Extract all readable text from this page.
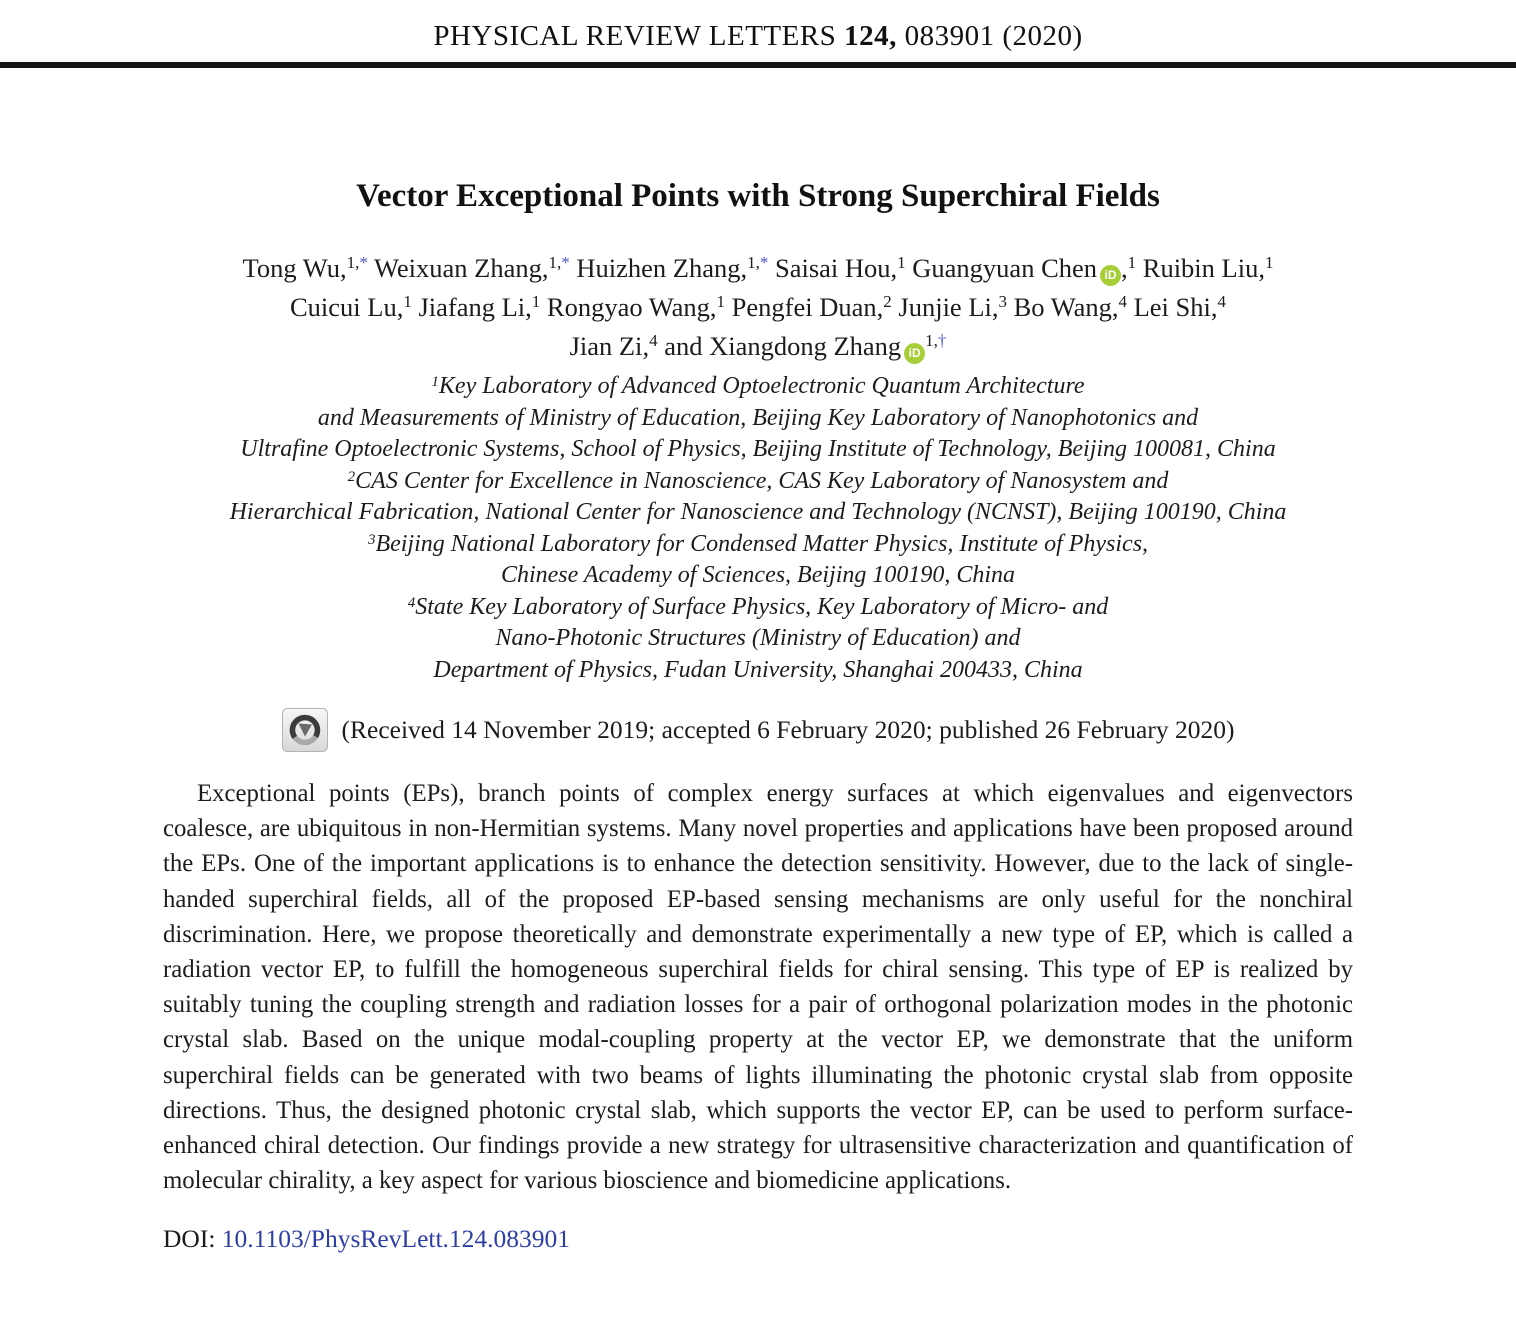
PHYSICAL REVIEW LETTERS 124, 083901 (2020)
Vector Exceptional Points with Strong Superchiral Fields
Tong Wu,$^{1,*}$ Weixuan Zhang,$^{1,*}$ Huizhen Zhang,$^{1,*}$ Saisai Hou,$^1$ Guangyuan Chen iD ,$^1$ Ruibin Liu,$^1$
Cuicui Lu,$^1$ Jiafang Li,$^1$ Rongyao Wang,$^1$ Pengfei Duan,$^2$ Junjie Li,$^3$ Bo Wang,$^4$ Lei Shi,$^4$
Jian Zi,$^4$ and Xiangdong Zhang iD$^{1,\dagger}$
$^1$Key Laboratory of Advanced Optoelectronic Quantum Architecture
and Measurements of Ministry of Education, Beijing Key Laboratory of Nanophotonics and
Ultrafine Optoelectronic Systems, School of Physics, Beijing Institute of Technology, Beijing 100081, China
$^2$CAS Center for Excellence in Nanoscience, CAS Key Laboratory of Nanosystem and
Hierarchical Fabrication, National Center for Nanoscience and Technology (NCNST), Beijing 100190, China
$^3$Beijing National Laboratory for Condensed Matter Physics, Institute of Physics,
Chinese Academy of Sciences, Beijing 100190, China
$^4$State Key Laboratory of Surface Physics, Key Laboratory of Micro- and
Nano-Photonic Structures (Ministry of Education) and
Department of Physics, Fudan University, Shanghai 200433, China
(Received 14 November 2019; accepted 6 February 2020; published 26 February 2020)

Exceptional points (EPs), branch points of complex energy surfaces at which eigenvalues and eigenvectors coalesce, are ubiquitous in non-Hermitian systems. Many novel properties and applications have been proposed around the EPs. One of the important applications is to enhance the detection sensitivity. However, due to the lack of single-handed superchiral fields, all of the proposed EP-based sensing mechanisms are only useful for the nonchiral discrimination. Here, we propose theoretically and demonstrate experimentally a new type of EP, which is called a radiation vector EP, to fulfill the homogeneous superchiral fields for chiral sensing. This type of EP is realized by suitably tuning the coupling strength and radiation losses for a pair of orthogonal polarization modes in the photonic crystal slab. Based on the unique modal-coupling property at the vector EP, we demonstrate that the uniform superchiral fields can be generated with two beams of lights illuminating the photonic crystal slab from opposite directions. Thus, the designed photonic crystal slab, which supports the vector EP, can be used to perform surface-enhanced chiral detection. Our findings provide a new strategy for ultrasensitive characterization and quantification of molecular chirality, a key aspect for various bioscience and biomedicine applications.

DOI: 10.1103/PhysRevLett.124.083901
